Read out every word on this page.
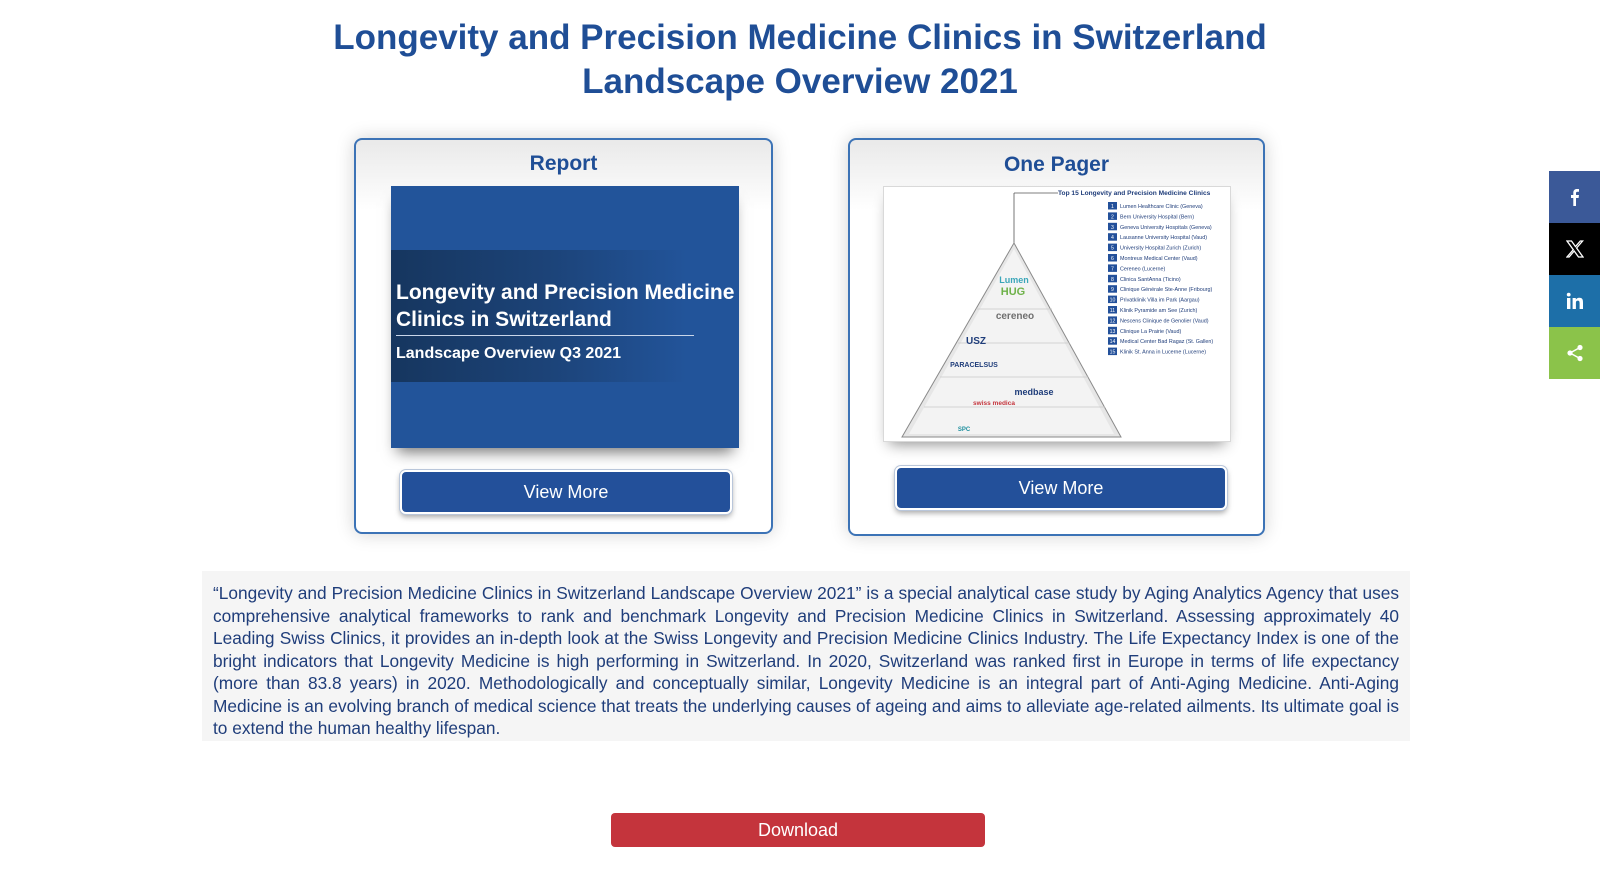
Longevity and Precision Medicine Clinics in Switzerland
Landscape Overview 2021
Report
Longevity and Precision Medicine
Clinics in Switzerland
Landscape Overview Q3 2021
View More
One Pager
Top 15 Longevity and Precision Medicine Clinics
1 Lumen Healthcare Clinic (Geneva)
2 Bern University Hospital (Bern)
3 Geneva University Hospitals (Geneva)
4 Lausanne University Hospital (Vaud)
5 University Hospital Zurich (Zurich)
6 Montreux Medical Center (Vaud)
7 Cereneo (Lucerne)
8 Clinica SantAnna (Ticino)
9 Clinique Générale Ste-Anne (Fribourg)
10 Privatklinik Villa im Park (Aargau)
11 Klinik Pyramide am See (Zurich)
12 Nescens Clinique de Genolier (Vaud)
13 Clinique La Prairie (Vaud)
14 Medical Center Bad Ragaz (St. Gallen)
15 Klinik St. Anna in Lucerne (Lucerne)
Lumen
HUG
cereneo
USZ
PARACELSUS
medbase
swiss medica
SPC
View More
“Longevity and Precision Medicine Clinics in Switzerland Landscape Overview 2021” is a special analytical case study by Aging Analytics Agency that uses comprehensive analytical frameworks to rank and benchmark Longevity and Precision Medicine Clinics in Switzerland. Assessing approximately 40 Leading Swiss Clinics, it provides an in-depth look at the Swiss Longevity and Precision Medicine Clinics Industry. The Life Expectancy Index is one of the bright indicators that Longevity Medicine is high performing in Switzerland. In 2020, Switzerland was ranked first in Europe in terms of life expectancy (more than 83.8 years) in 2020. Methodologically and conceptually similar, Longevity Medicine is an integral part of Anti-Aging Medicine. Anti-Aging Medicine is an evolving branch of medical science that treats the underlying causes of ageing and aims to alleviate age-related ailments. Its ultimate goal is to extend the human healthy lifespan.
Download
